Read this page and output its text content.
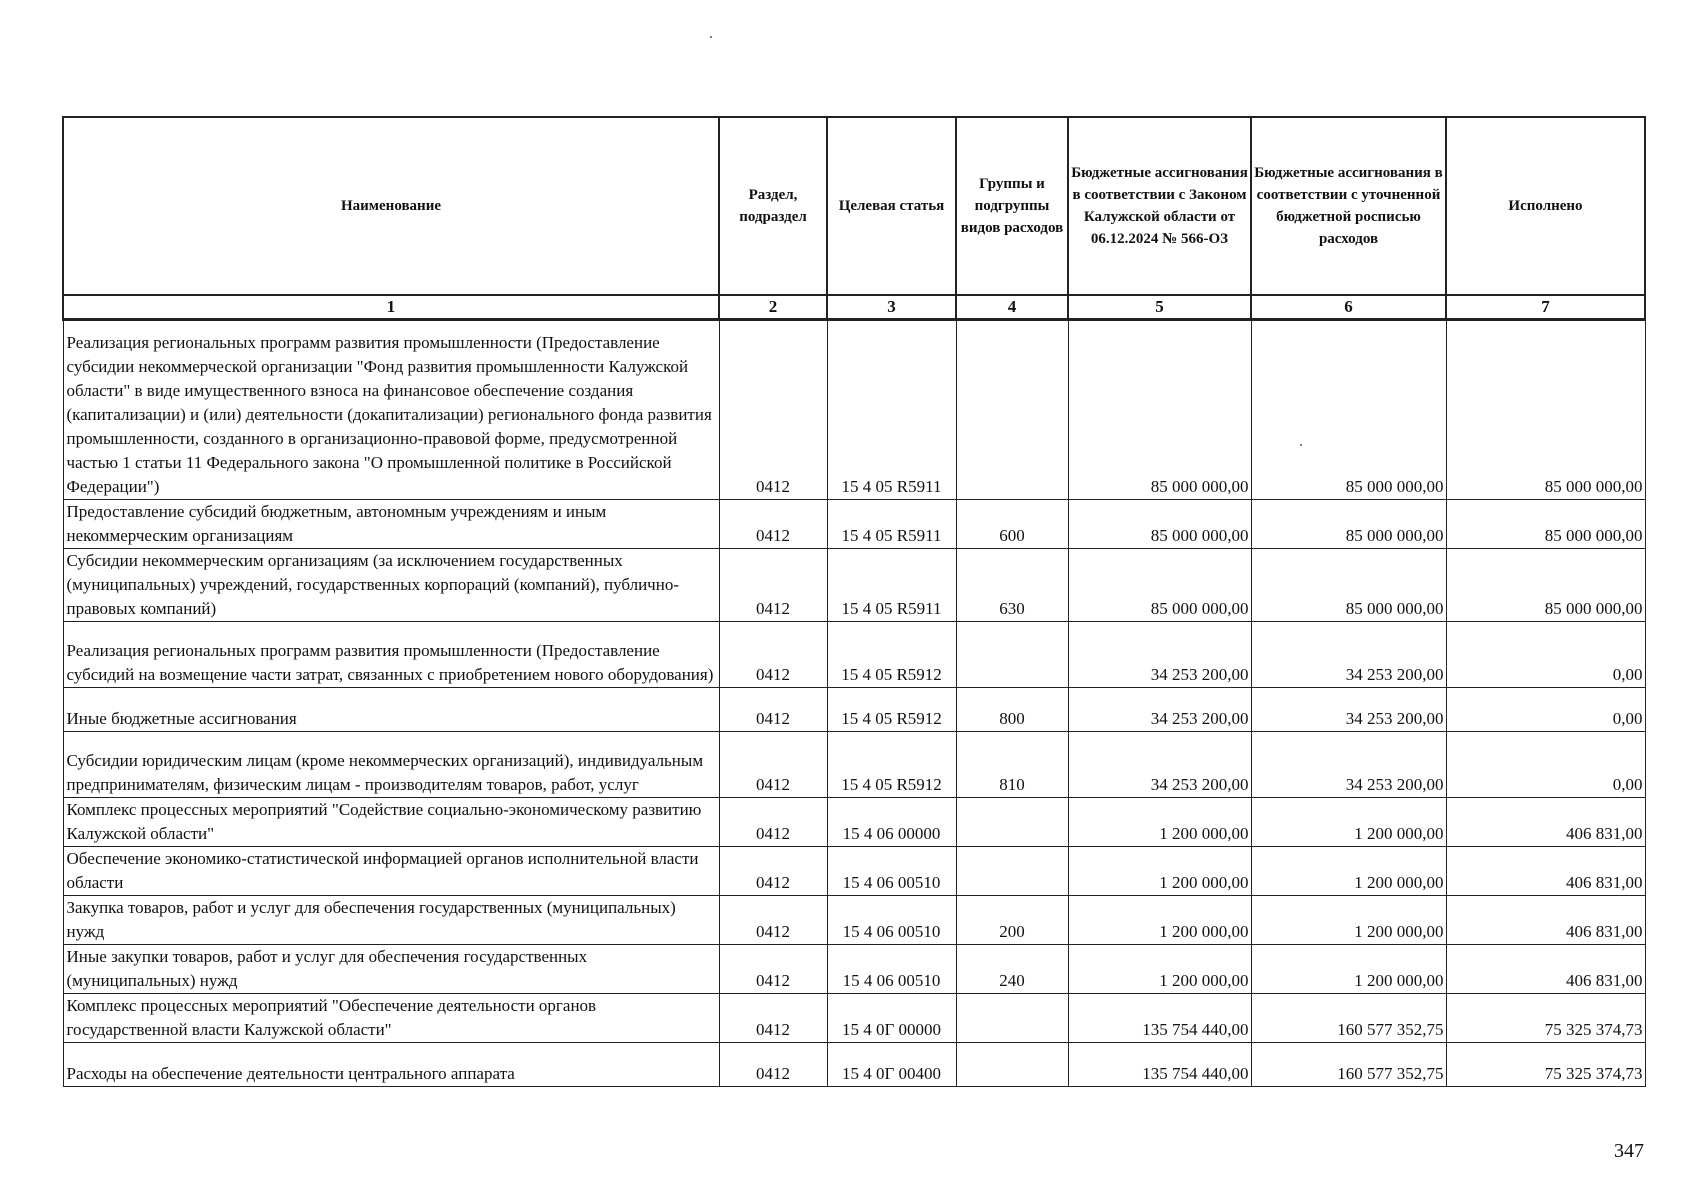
Наименование	Раздел, подраздел	Целевая статья	Группы и подгруппы видов расходов	Бюджетные ассигнования в соответствии с Законом Калужской области от 06.12.2024 № 566-ОЗ	Бюджетные ассигнования в соответствии с уточненной бюджетной росписью расходов	Исполнено
1	2	3	4	5	6	7
Реализация региональных программ развития промышленности (Предоставление субсидии некоммерческой организации "Фонд развития промышленности Калужской области" в виде имущественного взноса на финансовое обеспечение создания (капитализации) и (или) деятельности (докапитализации) регионального фонда развития промышленности, созданного в организационно-правовой форме, предусмотренной частью 1 статьи 11 Федерального закона "О промышленной политике в Российской Федерации")	0412	15 4 05 R5911		85 000 000,00	85 000 000,00	85 000 000,00
Предоставление субсидий бюджетным, автономным учреждениям и иным некоммерческим организациям	0412	15 4 05 R5911	600	85 000 000,00	85 000 000,00	85 000 000,00
Субсидии некоммерческим организациям (за исключением государственных (муниципальных) учреждений, государственных корпораций (компаний), публично-правовых компаний)	0412	15 4 05 R5911	630	85 000 000,00	85 000 000,00	85 000 000,00
Реализация региональных программ развития промышленности (Предоставление субсидий на возмещение части затрат, связанных с приобретением нового оборудования)	0412	15 4 05 R5912		34 253 200,00	34 253 200,00	0,00
Иные бюджетные ассигнования	0412	15 4 05 R5912	800	34 253 200,00	34 253 200,00	0,00
Субсидии юридическим лицам (кроме некоммерческих организаций), индивидуальным предпринимателям, физическим лицам - производителям товаров, работ, услуг	0412	15 4 05 R5912	810	34 253 200,00	34 253 200,00	0,00
Комплекс процессных мероприятий "Содействие социально-экономическому развитию Калужской области"	0412	15 4 06 00000		1 200 000,00	1 200 000,00	406 831,00
Обеспечение экономико-статистической информацией органов исполнительной власти области	0412	15 4 06 00510		1 200 000,00	1 200 000,00	406 831,00
Закупка товаров, работ и услуг для обеспечения государственных (муниципальных) нужд	0412	15 4 06 00510	200	1 200 000,00	1 200 000,00	406 831,00
Иные закупки товаров, работ и услуг для обеспечения государственных (муниципальных) нужд	0412	15 4 06 00510	240	1 200 000,00	1 200 000,00	406 831,00
Комплекс процессных мероприятий "Обеспечение деятельности органов государственной власти Калужской области"	0412	15 4 0Г 00000		135 754 440,00	160 577 352,75	75 325 374,73
Расходы на обеспечение деятельности центрального аппарата	0412	15 4 0Г 00400		135 754 440,00	160 577 352,75	75 325 374,73
347
